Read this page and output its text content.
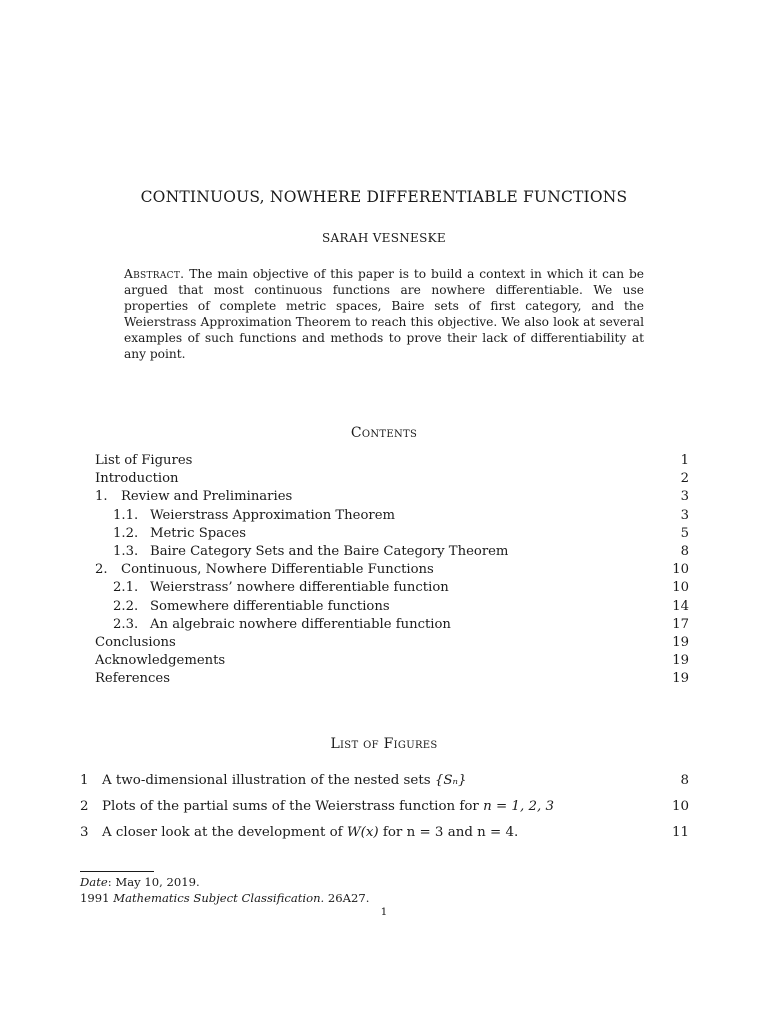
CONTINUOUS, NOWHERE DIFFERENTIABLE FUNCTIONS
SARAH VESNESKE
Abstract. The main objective of this paper is to build a context in which it can be argued that most continuous functions are nowhere differentiable. We use properties of complete metric spaces, Baire sets of first category, and the Weierstrass Approximation Theorem to reach this objective. We also look at several examples of such functions and methods to prove their lack of differentiability at any point.
Contents
List of Figures	1
Introduction	2
1. Review and Preliminaries	3
1.1. Weierstrass Approximation Theorem	3
1.2. Metric Spaces	5
1.3. Baire Category Sets and the Baire Category Theorem	8
2. Continuous, Nowhere Differentiable Functions	10
2.1. Weierstrass’ nowhere differentiable function	10
2.2. Somewhere differentiable functions	14
2.3. An algebraic nowhere differentiable function	17
Conclusions	19
Acknowledgements	19
References	19
List of Figures
1 A two-dimensional illustration of the nested sets {Sₙ}	8
2 Plots of the partial sums of the Weierstrass function for n = 1, 2, 3	10
3 A closer look at the development of W(x) for n = 3 and n = 4.	11
Date: May 10, 2019.
1991 Mathematics Subject Classification. 26A27.
1
